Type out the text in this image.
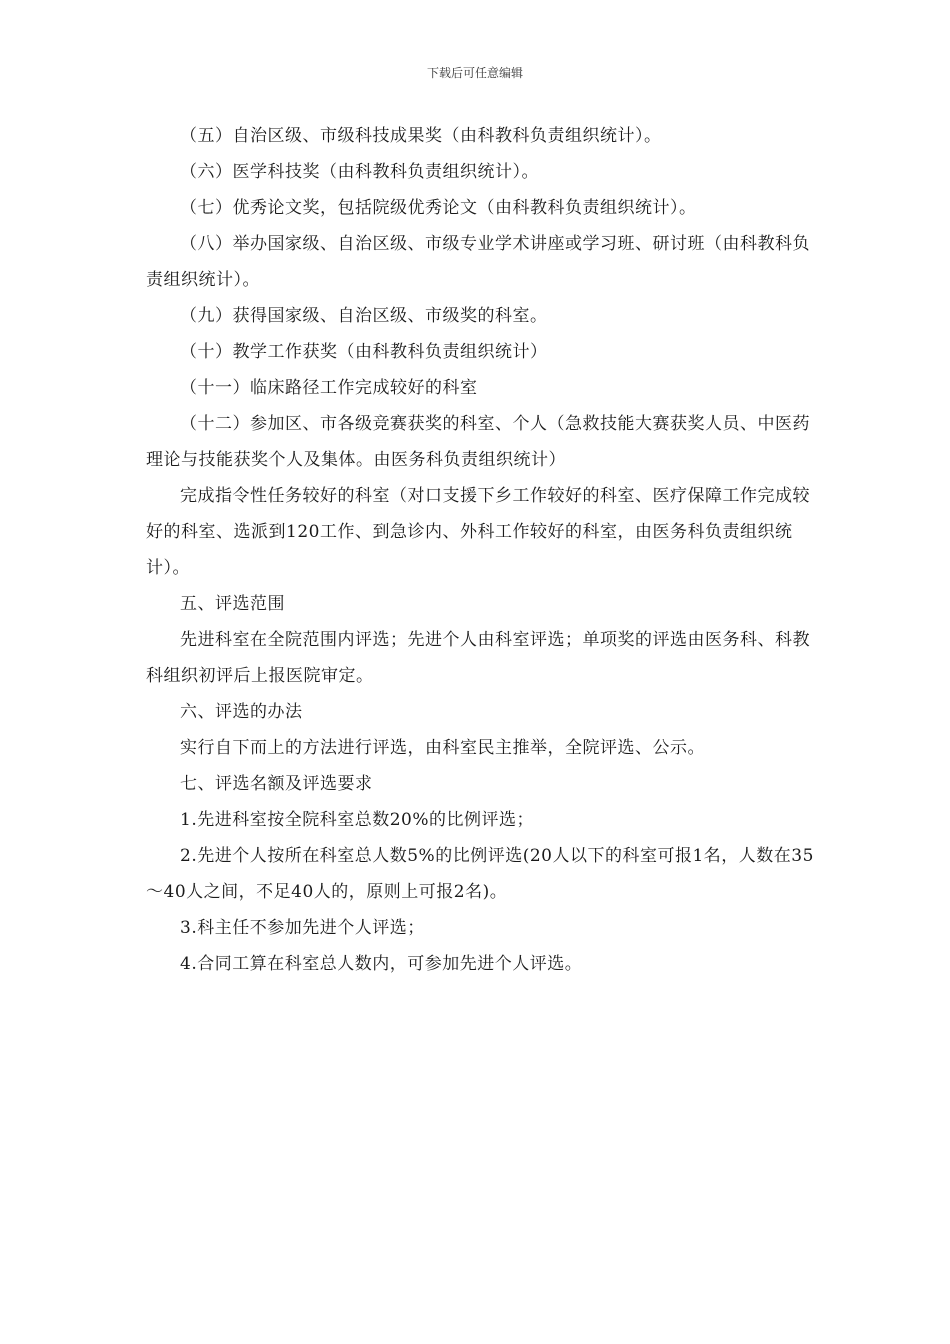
下载后可任意编辑

（五）自治区级、市级科技成果奖（由科教科负责组织统计）。

（六）医学科技奖（由科教科负责组织统计）。

（七）优秀论文奖，包括院级优秀论文（由科教科负责组织统计）。

（八）举办国家级、自治区级、市级专业学术讲座或学习班、研讨班（由科教科负责组织统计）。

（九）获得国家级、自治区级、市级奖的科室。

（十）教学工作获奖（由科教科负责组织统计）

（十一）临床路径工作完成较好的科室

（十二）参加区、市各级竞赛获奖的科室、个人（急救技能大赛获奖人员、中医药理论与技能获奖个人及集体。由医务科负责组织统计）

完成指令性任务较好的科室（对口支援下乡工作较好的科室、医疗保障工作完成较好的科室、选派到120工作、到急诊内、外科工作较好的科室，由医务科负责组织统计）。

五、评选范围

先进科室在全院范围内评选；先进个人由科室评选；单项奖的评选由医务科、科教科组织初评后上报医院审定。

六、评选的办法

实行自下而上的方法进行评选，由科室民主推举，全院评选、公示。

七、评选名额及评选要求

1.先进科室按全院科室总数20%的比例评选；

2.先进个人按所在科室总人数5%的比例评选(20人以下的科室可报1名，人数在35～40人之间，不足40人的，原则上可报2名)。

3.科主任不参加先进个人评选；

4.合同工算在科室总人数内，可参加先进个人评选。
